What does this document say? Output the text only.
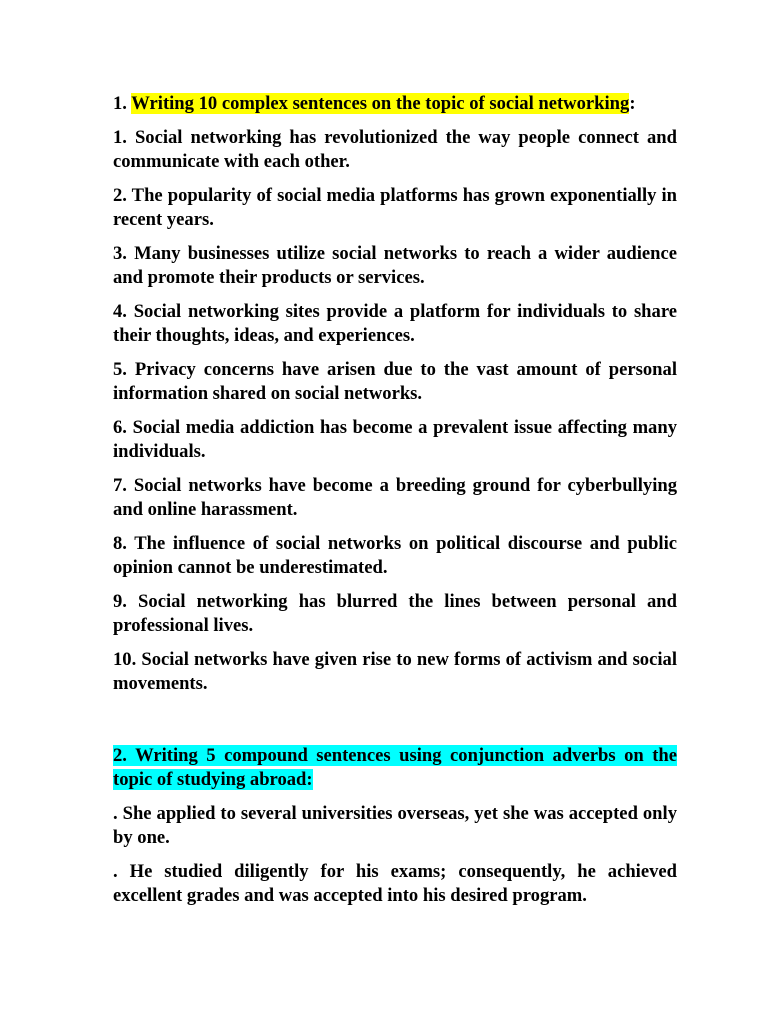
1. Writing 10 complex sentences on the topic of social networking:

1. Social networking has revolutionized the way people connect and communicate with each other.

2. The popularity of social media platforms has grown exponentially in recent years.

3. Many businesses utilize social networks to reach a wider audience and promote their products or services.

4. Social networking sites provide a platform for individuals to share their thoughts, ideas, and experiences.

5. Privacy concerns have arisen due to the vast amount of personal information shared on social networks.

6. Social media addiction has become a prevalent issue affecting many individuals.

7. Social networks have become a breeding ground for cyberbullying and online harassment.

8. The influence of social networks on political discourse and public opinion cannot be underestimated.

9. Social networking has blurred the lines between personal and professional lives.

10. Social networks have given rise to new forms of activism and social movements.

2. Writing 5 compound sentences using conjunction adverbs on the topic of studying abroad:

. She applied to several universities overseas, yet she was accepted only by one.

. He studied diligently for his exams; consequently, he achieved excellent grades and was accepted into his desired program.
